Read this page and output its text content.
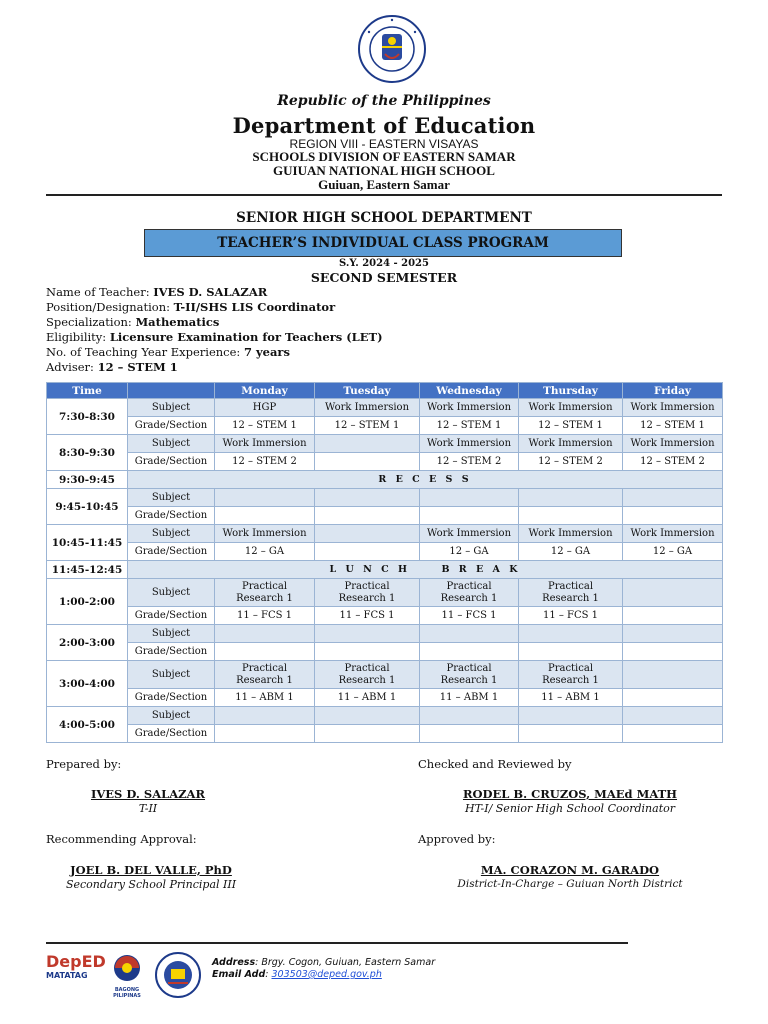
Republic of the Philippines
Department of Education
REGION VIII - EASTERN VISAYAS
SCHOOLS DIVISION OF EASTERN SAMAR
GUIUAN NATIONAL HIGH SCHOOL
Guiuan, Eastern Samar
SENIOR HIGH SCHOOL DEPARTMENT
TEACHER’S INDIVIDUAL CLASS PROGRAM
S.Y. 2024 - 2025
SECOND SEMESTER
Name of Teacher: IVES D. SALAZAR
Position/Designation: T-II/SHS LIS Coordinator
Specialization: Mathematics
Eligibility: Licensure Examination for Teachers (LET)
No. of Teaching Year Experience: 7 years
Adviser: 12 – STEM 1
Time		Monday	Tuesday	Wednesday	Thursday	Friday
7:30-8:30	Subject	HGP	Work Immersion	Work Immersion	Work Immersion	Work Immersion
	Grade/Section	12 – STEM 1	12 – STEM 1	12 – STEM 1	12 – STEM 1	12 – STEM 1
8:30-9:30	Subject	Work Immersion		Work Immersion	Work Immersion	Work Immersion
	Grade/Section	12 – STEM 2		12 – STEM 2	12 – STEM 2	12 – STEM 2
9:30-9:45	R E C E S S					
9:45-10:45	Subject					
	Grade/Section					
10:45-11:45	Subject	Work Immersion		Work Immersion	Work Immersion	Work Immersion
	Grade/Section	12 – GA		12 – GA	12 – GA	12 – GA
11:45-12:45	L U N C H     B R E A K					
1:00-2:00	Subject	Practical Research 1	Practical Research 1	Practical Research 1	Practical Research 1	
	Grade/Section	11 – FCS 1	11 – FCS 1	11 – FCS 1	11 – FCS 1	
2:00-3:00	Subject					
	Grade/Section					
3:00-4:00	Subject	Practical Research 1	Practical Research 1	Practical Research 1	Practical Research 1	
	Grade/Section	11 – ABM 1	11 – ABM 1	11 – ABM 1	11 – ABM 1	
4:00-5:00	Subject					
	Grade/Section					
Prepared by:	Checked and Reviewed by
IVES D. SALAZAR
T-II
RODEL B. CRUZOS, MAEd MATH
HT-I/ Senior High School Coordinator
Recommending Approval:	Approved by:
JOEL B. DEL VALLE, PhD
Secondary School Principal III
MA. CORAZON M. GARADO
District-In-Charge – Guiuan North District
DepED
MATATAG
BAGONG PILIPINAS
Address: Brgy. Cogon, Guiuan, Eastern Samar
Email Add: 303503@deped.gov.ph
